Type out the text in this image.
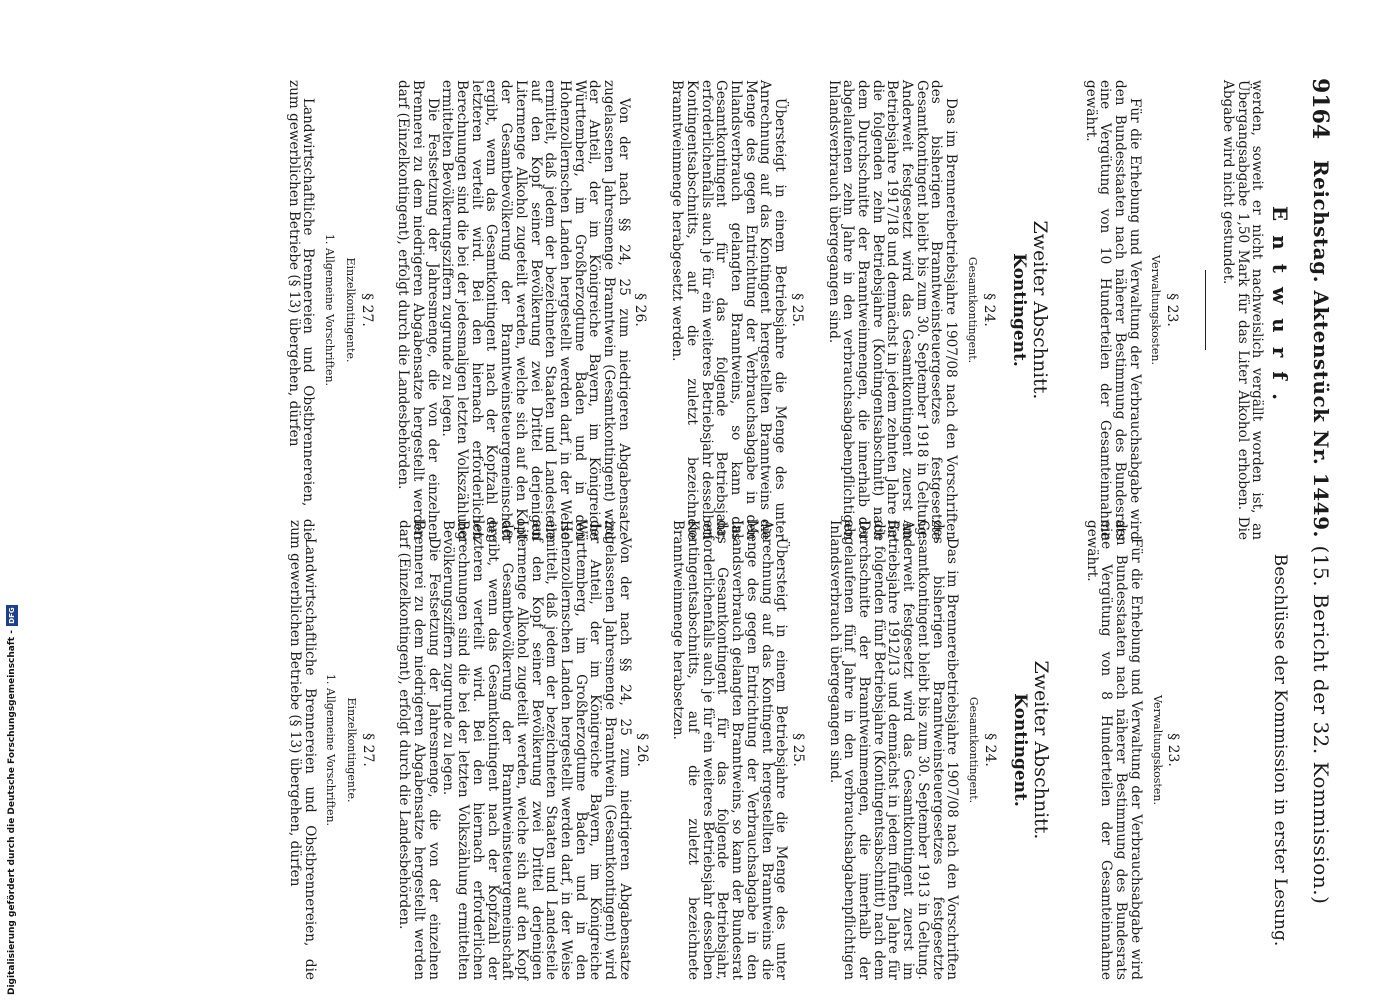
9164
Reichstag. Aktenstück Nr. 1449. (15. Bericht der 32. Kommission.)
Entwurf.

werden, soweit er nicht nachweislich vergällt worden ist, an Übergangsabgabe 1,50 Mark für das Liter Alkohol erhoben. Die Abgabe wird nicht gestundet.

§ 23.
Verwaltungskosten.

Für die Erhebung und Verwaltung der Verbrauchsabgabe wird den Bundesstaaten nach näherer Bestimmung des Bundesrats eine Vergütung von 10 Hunderteilen der Gesamteinnahme gewährt.

Zweiter Abschnitt.
Kontingent.
§ 24.
Gesamtkontingent.

Das im Brennereibetriebsjahre 1907/08 nach den Vorschriften des bisherigen Branntweinsteuergesetzes festgesetzte Gesamtkontingent bleibt bis zum 30. September 1918 in Geltung. Anderweit festgesetzt wird das Gesamtkontingent zuerst im Betriebsjahre 1917/18 und demnächst in jedem zehnten Jahre für die folgenden zehn Betriebsjahre (Kontingentsabschnitt) nach dem Durchschnitte der Branntweinmengen, die innerhalb der abgelaufenen zehn Jahre in den verbrauchsabgabenpflichtigen Inlandsverbrauch übergegangen sind.

§ 25.

Übersteigt in einem Betriebsjahre die Menge des unter Anrechnung auf das Kontingent hergestellten Branntweins die Menge des gegen Entrichtung der Verbrauchsabgabe in den Inlandsverbrauch gelangten Branntweins, so kann das Gesamtkontingent für das folgende Betriebsjahr, erforderlichenfalls auch je für ein weiteres Betriebsjahr desselben Kontingentsabschnitts, auf die zuletzt bezeichnete Branntweinmenge herabgesetzt werden.

§ 26.

Von der nach §§ 24, 25 zum niedrigeren Abgabensatze zugelassenen Jahresmenge Branntwein (Gesamtkontingent) wird der Anteil, der im Königreiche Bayern, im Königreiche Württemberg, im Großherzogtume Baden und in den Hohenzollernschen Landen hergestellt werden darf, in der Weise ermittelt, daß jedem der bezeichneten Staaten und Landesteile auf den Kopf seiner Bevölkerung zwei Drittel derjenigen Litermenge Alkohol zugeteilt werden, welche sich auf den Kopf der Gesamtbevölkerung der Branntweinsteuergemeinschaft ergibt, wenn das Gesamtkontingent nach der Kopfzahl der letzteren verteilt wird. Bei den hiernach erforderlichen Berechnungen sind die bei der jedesmaligen letzten Volkszählung ermittelten Bevölkerungsziffern zugrunde zu legen.

Die Festsetzung der Jahresmenge, die von der einzelnen Brennerei zu dem niedrigeren Abgabensatze hergestellt werden darf (Einzelkontingent), erfolgt durch die Landesbehörden.

§ 27.
Einzelkontingente.
1. Allgemeine Vorschriften.

Landwirtschaftliche Brennereien und Obstbrennereien, die zum gewerblichen Betriebe (§ 13) übergehen, dürfen

Beschlüsse der Kommission in erster Lesung.
§ 23.
Verwaltungskosten.

Für die Erhebung und Verwaltung der Verbrauchsabgabe wird den Bundesstaaten nach näherer Bestimmung des Bundesrats eine Vergütung von 8 Hunderteilen der Gesamteinnahme gewährt.

Zweiter Abschnitt.
Kontingent.
§ 24.
Gesamtkontingent.

Das im Brennereibetriebsjahre 1907/08 nach den Vorschriften des bisherigen Branntweinsteuergesetzes festgesetzte Gesamtkontingent bleibt bis zum 30. September 1913 in Geltung. Anderweit festgesetzt wird das Gesamtkontingent zuerst im Betriebsjahre 1912/13 und demnächst in jedem fünften Jahre für die folgenden fünf Betriebsjahre (Kontingentsabschnitt) nach dem Durchschnitte der Branntweinmengen, die innerhalb der abgelaufenen fünf Jahre in den verbrauchsabgabenpflichtigen Inlandsverbrauch übergegangen sind.

§ 25.

Übersteigt in einem Betriebsjahre die Menge des unter Anrechnung auf das Kontingent hergestellten Branntweins die Menge des gegen Entrichtung der Verbrauchsabgabe in den Inlandsverbrauch gelangten Branntweins, so kann der Bundesrat das Gesamtkontingent für das folgende Betriebsjahr, erforderlichenfalls auch je für ein weiteres Betriebsjahr desselben Kontingentsabschnitts, auf die zuletzt bezeichnete Branntweinmenge herabsetzen.

§ 26.

Von der nach §§ 24, 25 zum niedrigeren Abgabensatze zugelassenen Jahresmenge Branntwein (Gesamtkontingent) wird der Anteil, der im Königreiche Bayern, im Königreiche Württemberg, im Großherzogtume Baden und in den Hohenzollernschen Landen hergestellt werden darf, in der Weise ermittelt, daß jedem der bezeichneten Staaten und Landesteile auf den Kopf seiner Bevölkerung zwei Drittel derjenigen Litermenge Alkohol zugeteilt werden, welche sich auf den Kopf der Gesamtbevölkerung der Branntweinsteuergemeinschaft ergibt, wenn das Gesamtkontingent nach der Kopfzahl der letzteren verteilt wird. Bei den hiernach erforderlichen Berechnungen sind die bei der letzten Volkszählung ermittelten Bevölkerungsziffern zugrunde zu legen.

Die Festsetzung der Jahresmenge, die von der einzelnen Brennerei zu dem niedrigeren Abgabensatze hergestellt werden darf (Einzelkontingent), erfolgt durch die Landesbehörden.

§ 27.
Einzelkontingente.
1. Allgemeine Vorschriften.

Landwirtschaftliche Brennereien und Obstbrennereien, die zum gewerblichen Betriebe (§ 13) übergehen, dürfen

Digitalisierung gefördert durch die Deutsche Forschungsgemeinschaft -
DFG
